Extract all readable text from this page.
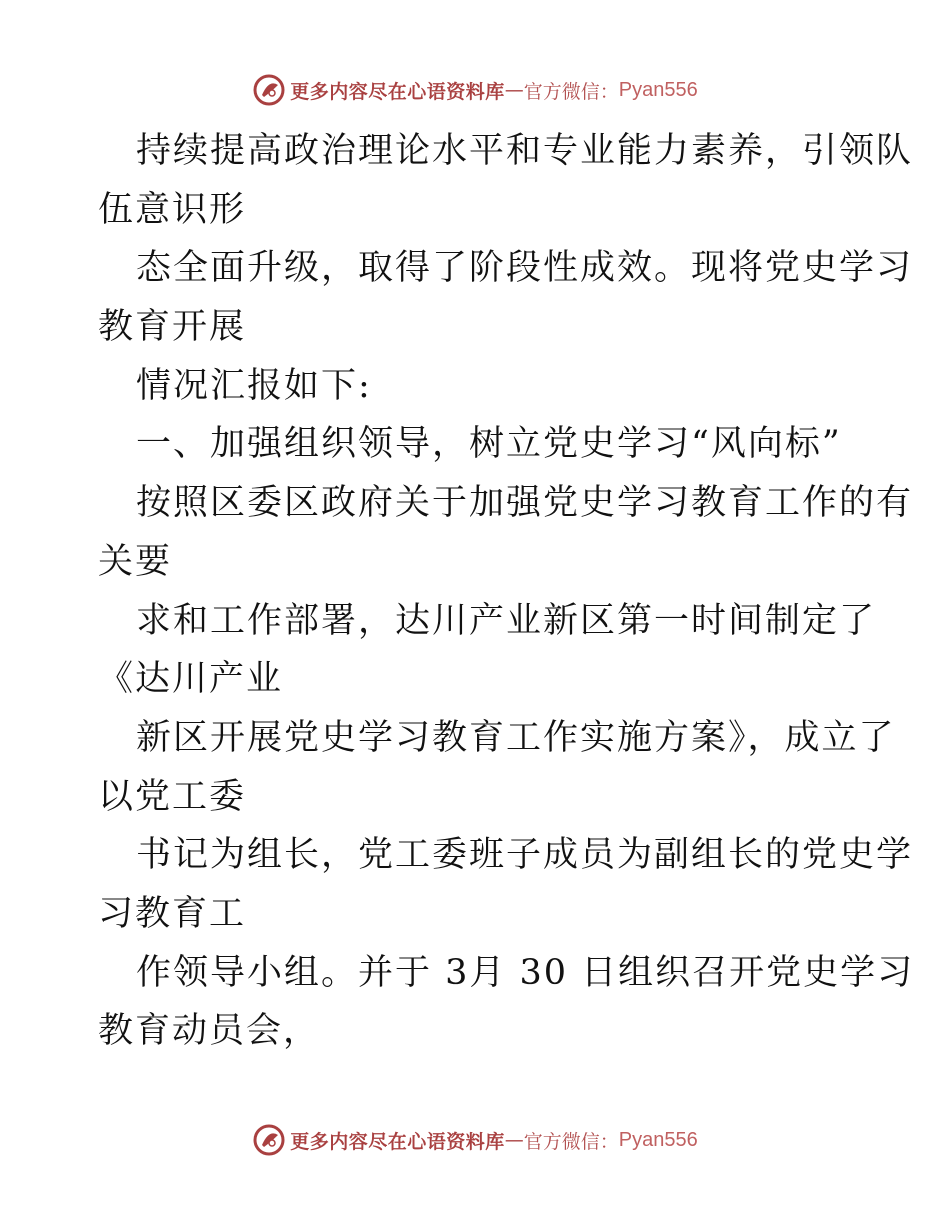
更多内容尽在心语资料库 — 官方微信： Pyan556
持续提高政治理论水平和专业能力素养，引领队
伍意识形
态全面升级，取得了阶段性成效。现将党史学习
教育开展
情况汇报如下:
一、加强组织领导，树立党史学习“风向标”
按照区委区政府关于加强党史学习教育工作的有
关要
求和工作部署，达川产业新区第一时间制定了
《达川产业
新区开展党史学习教育工作实施方案》，成立了
以党工委
书记为组长，党工委班子成员为副组长的党史学
习教育工
作领导小组。并于 3月 30 日组织召开党史学习
教育动员会，
更多内容尽在心语资料库 — 官方微信： Pyan556
